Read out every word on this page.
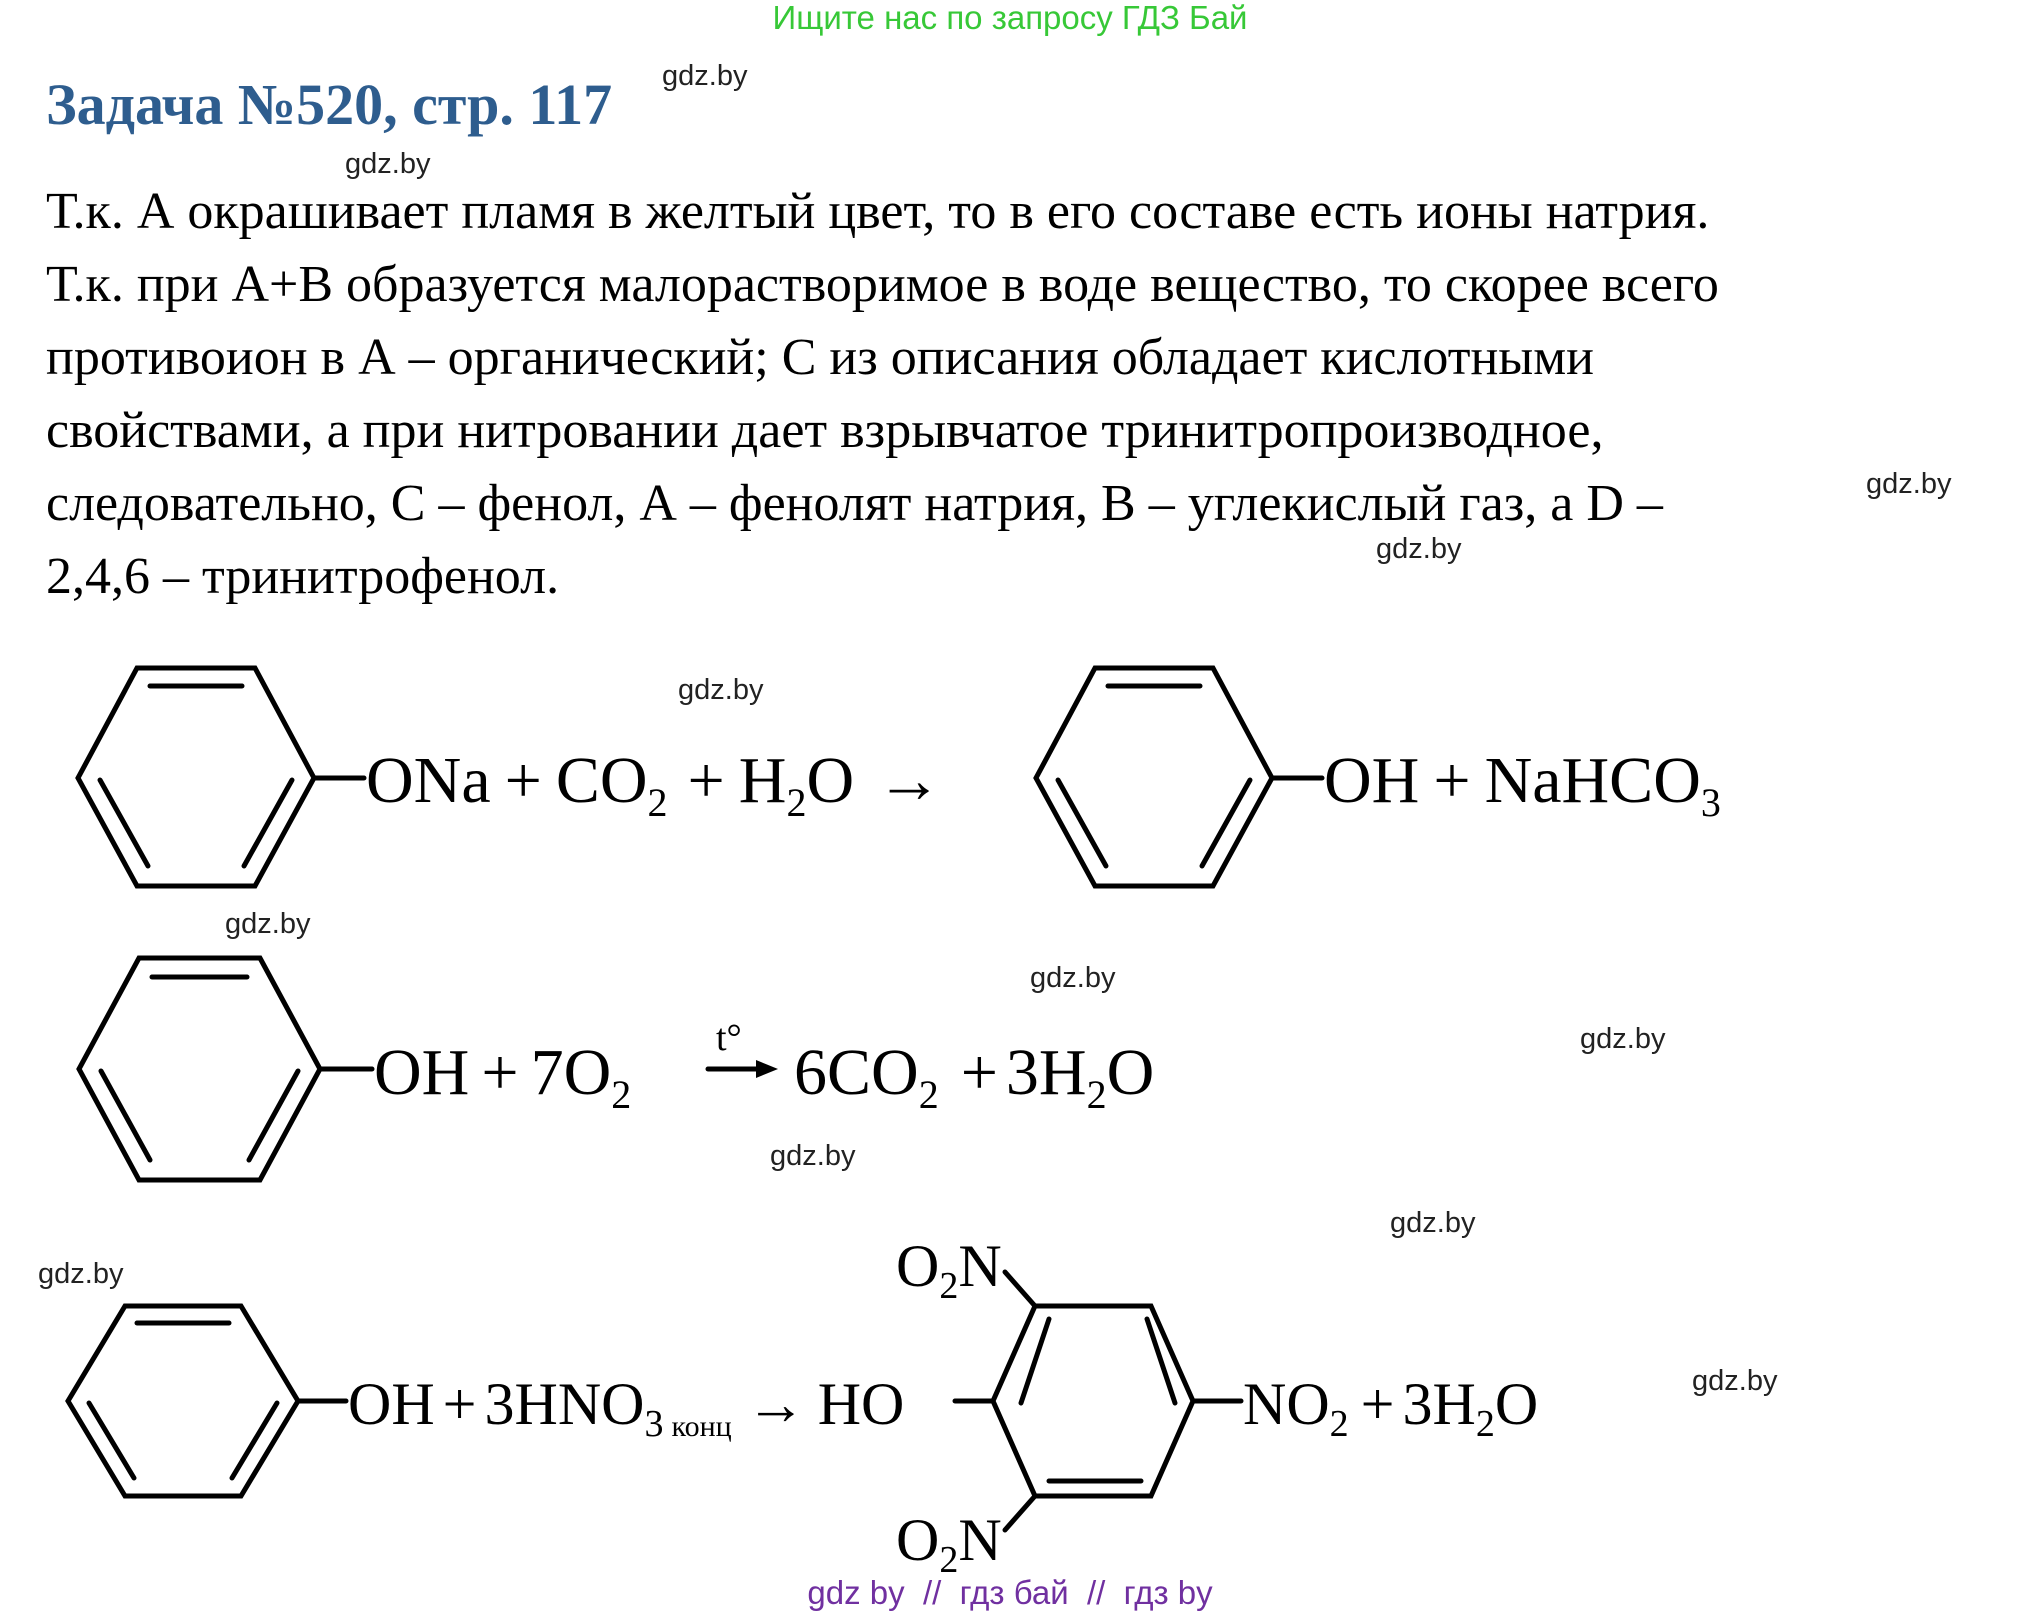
Ищите нас по запросу ГДЗ Бай
Задача №520, стр. 117 gdz.by
gdz.by
gdz.by
gdz.by
gdz.by
gdz.by
gdz.by
gdz.by
gdz.by
gdz.by
gdz.by
gdz.by
Т.к. А окрашивает пламя в желтый цвет, то в его составе есть ионы натрия.
Т.к. при А+В образуется малорастворимое в воде вещество, то скорее всего
противоион в А – органический; С из описания обладает кислотными
свойствами, а при нитровании дает взрывчатое тринитропроизводное,
следовательно, С – фенол, А – фенолят натрия, В – углекислый газ, а D –
2,4,6 – тринитрофенол.
ONa + $CO_2 + H_2O$ →	OH + NaHCO$_3$
OH + $7O_2$
t° $6CO_2 + 3H_2O$
OH + $3HNO_3$ конц → HO
$O_2N$
$O_2N$
$NO_2 + 3H_2O$
gdz by  //  гдз бай  //  гдз by
